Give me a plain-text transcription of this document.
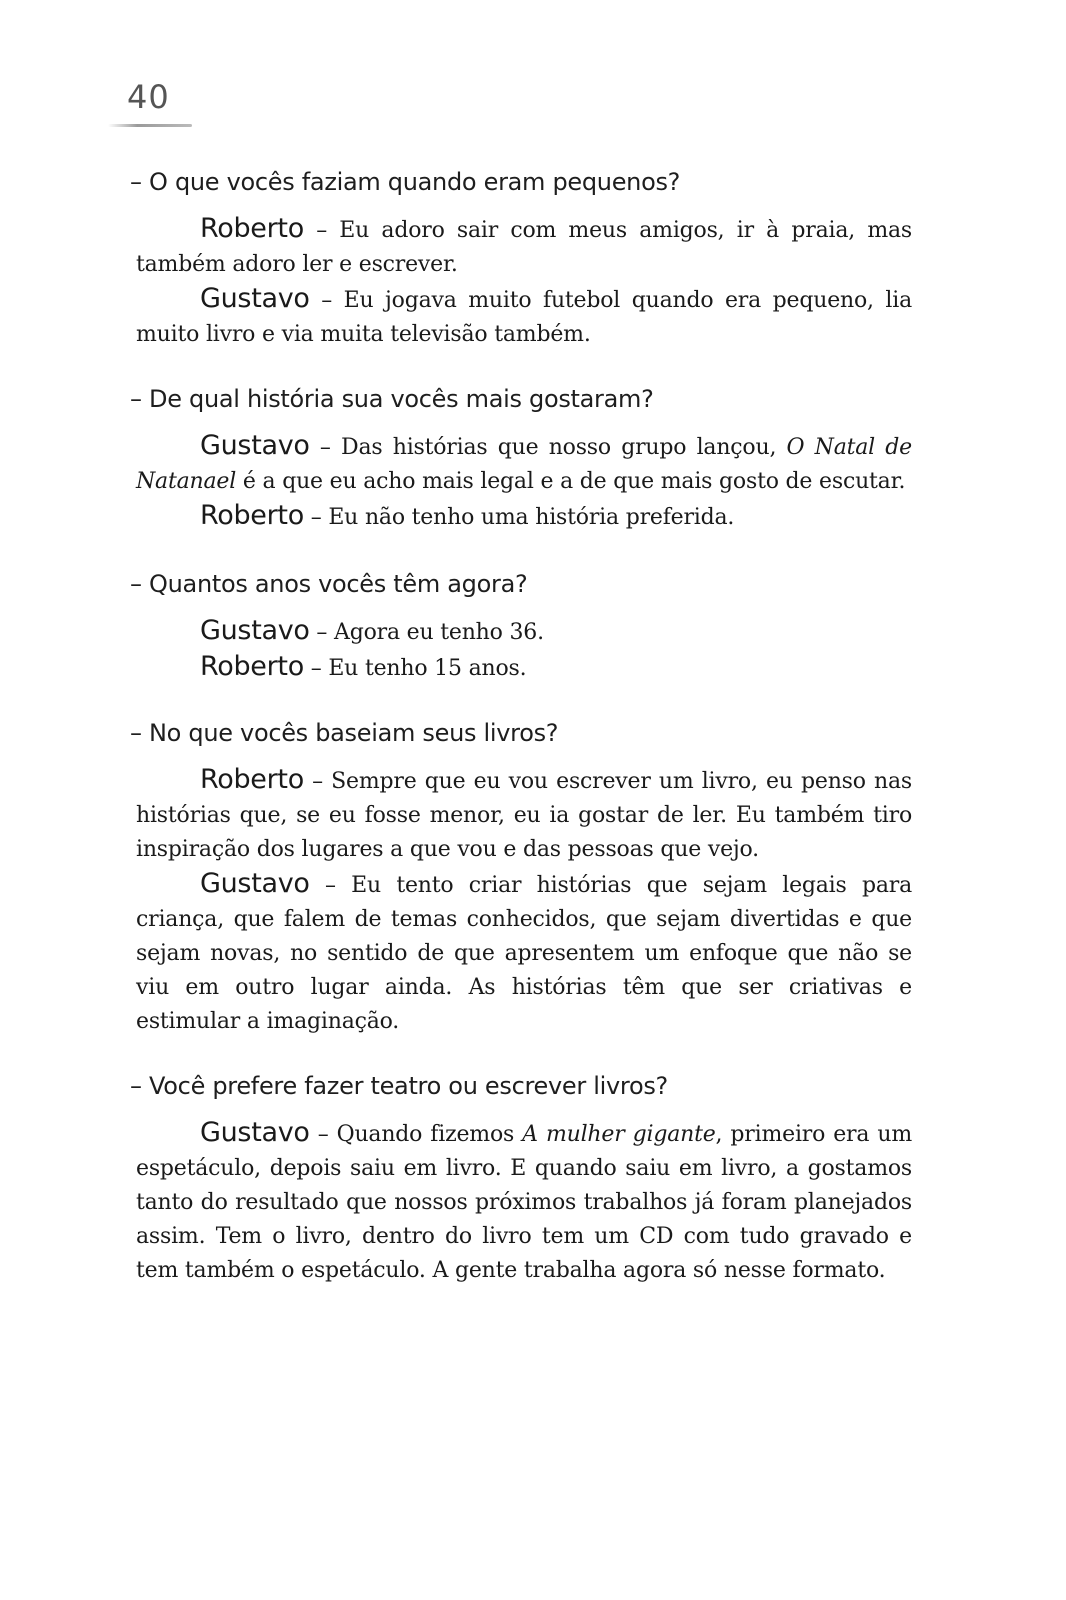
40

– O que vocês faziam quando eram pequenos?

Roberto – Eu adoro sair com meus amigos, ir à praia, mas também adoro ler e escrever.

Gustavo – Eu jogava muito futebol quando era pequeno, lia muito livro e via muita televisão também.

– De qual história sua vocês mais gostaram?

Gustavo – Das histórias que nosso grupo lançou, O Natal de Natanael é a que eu acho mais legal e a de que mais gosto de escutar.

Roberto – Eu não tenho uma história preferida.

– Quantos anos vocês têm agora?

Gustavo – Agora eu tenho 36.

Roberto – Eu tenho 15 anos.

– No que vocês baseiam seus livros?

Roberto – Sempre que eu vou escrever um livro, eu penso nas histórias que, se eu fosse menor, eu ia gostar de ler. Eu também tiro inspiração dos lugares a que vou e das pessoas que vejo.

Gustavo – Eu tento criar histórias que sejam legais para criança, que falem de temas conhecidos, que sejam divertidas e que sejam novas, no sentido de que apresentem um enfoque que não se viu em outro lugar ainda. As histórias têm que ser criativas e estimular a imaginação.

– Você prefere fazer teatro ou escrever livros?

Gustavo – Quando fizemos A mulher gigante, primeiro era um espetáculo, depois saiu em livro. E quando saiu em livro, a gostamos tanto do resultado que nossos próximos trabalhos já foram planejados assim. Tem o livro, dentro do livro tem um CD com tudo gravado e tem também o espetáculo. A gente trabalha agora só nesse formato.
